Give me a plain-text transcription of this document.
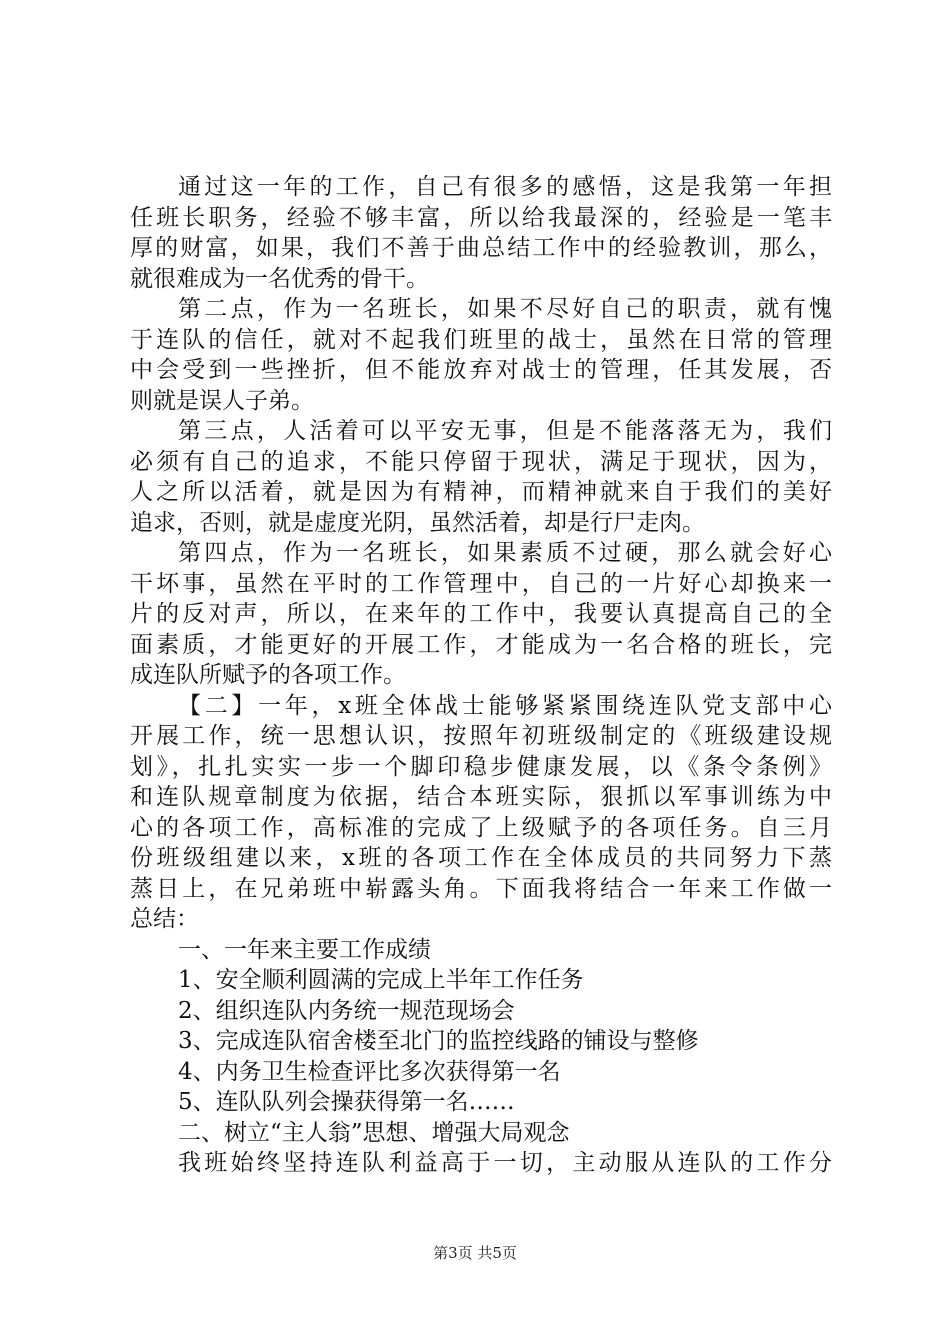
通过这一年的工作，自己有很多的感悟，这是我第一年担
任班长职务，经验不够丰富，所以给我最深的，经验是一笔丰
厚的财富，如果，我们不善于曲总结工作中的经验教训，那么，
就很难成为一名优秀的骨干。
第二点，作为一名班长，如果不尽好自己的职责，就有愧
于连队的信任，就对不起我们班里的战士，虽然在日常的管理
中会受到一些挫折，但不能放弃对战士的管理，任其发展，否
则就是误人子弟。
第三点，人活着可以平安无事，但是不能落落无为，我们
必须有自己的追求，不能只停留于现状，满足于现状，因为，
人之所以活着，就是因为有精神，而精神就来自于我们的美好
追求，否则，就是虚度光阴，虽然活着，却是行尸走肉。
第四点，作为一名班长，如果素质不过硬，那么就会好心
干坏事，虽然在平时的工作管理中，自己的一片好心却换来一
片的反对声，所以，在来年的工作中，我要认真提高自己的全
面素质，才能更好的开展工作，才能成为一名合格的班长，完
成连队所赋予的各项工作。
【二】一年，x班全体战士能够紧紧围绕连队党支部中心
开展工作，统一思想认识，按照年初班级制定的《班级建设规
划》，扎扎实实一步一个脚印稳步健康发展，以《条令条例》
和连队规章制度为依据，结合本班实际，狠抓以军事训练为中
心的各项工作，高标准的完成了上级赋予的各项任务。自三月
份班级组建以来，x班的各项工作在全体成员的共同努力下蒸
蒸日上，在兄弟班中崭露头角。下面我将结合一年来工作做一
总结：
一、一年来主要工作成绩
1、安全顺利圆满的完成上半年工作任务
2、组织连队内务统一规范现场会
3、完成连队宿舍楼至北门的监控线路的铺设与整修
4、内务卫生检查评比多次获得第一名
5、连队队列会操获得第一名……
二、树立“主人翁”思想、增强大局观念
我班始终坚持连队利益高于一切，主动服从连队的工作分
第3页 共5页
